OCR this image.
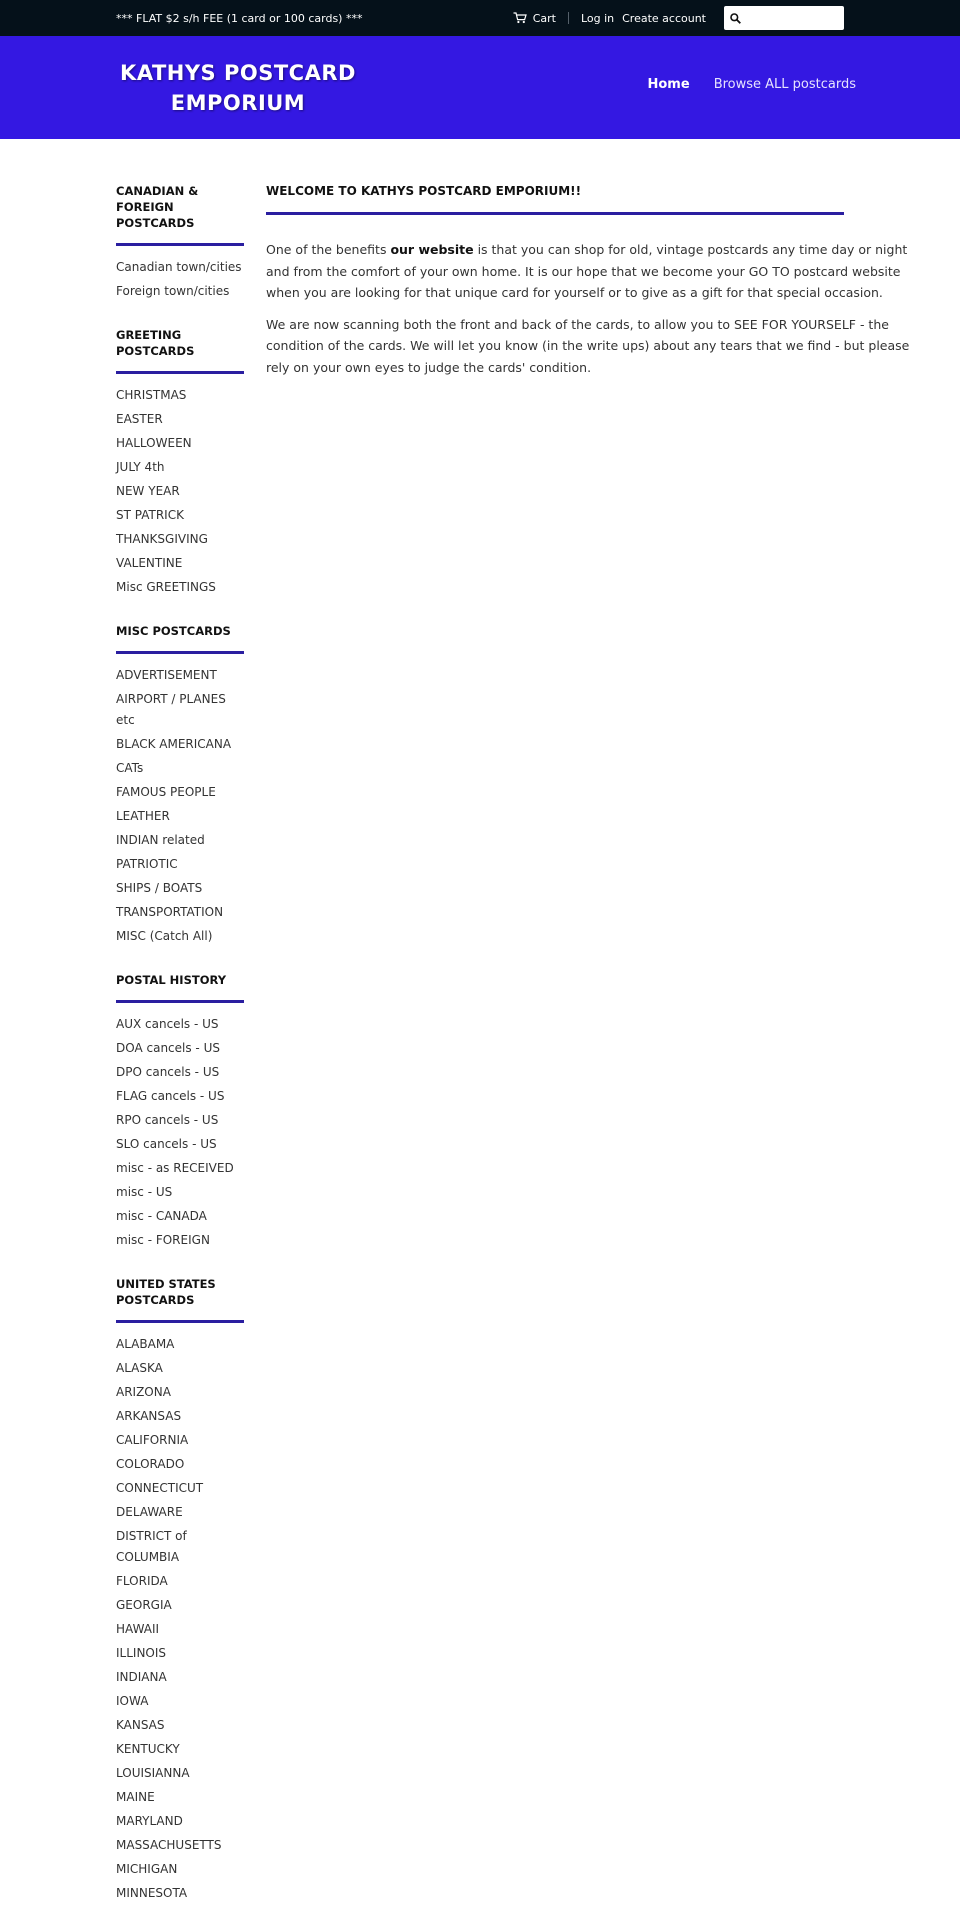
*** FLAT $2 s/h FEE (1 card or 100 cards) ***	Cart Log in Create account
KATHYS POSTCARD EMPORIUM
Home Browse ALL postcards
CANADIAN & FOREIGN POSTCARDS
Canadian town/cities
Foreign town/cities
GREETING POSTCARDS
CHRISTMAS
EASTER
HALLOWEEN
JULY 4th
NEW YEAR
ST PATRICK
THANKSGIVING
VALENTINE
Misc GREETINGS
MISC POSTCARDS
ADVERTISEMENT
AIRPORT / PLANES etc
BLACK AMERICANA
CATs
FAMOUS PEOPLE
LEATHER
INDIAN related
PATRIOTIC
SHIPS / BOATS
TRANSPORTATION
MISC (Catch All)
POSTAL HISTORY
AUX cancels - US
DOA cancels - US
DPO cancels - US
FLAG cancels - US
RPO cancels - US
SLO cancels - US
misc - as RECEIVED
misc - US
misc - CANADA
misc - FOREIGN
UNITED STATES POSTCARDS
ALABAMA
ALASKA
ARIZONA
ARKANSAS
CALIFORNIA
COLORADO
CONNECTICUT
DELAWARE
DISTRICT of COLUMBIA
FLORIDA
GEORGIA
HAWAII
ILLINOIS
INDIANA
IOWA
KANSAS
KENTUCKY
LOUISIANNA
MAINE
MARYLAND
MASSACHUSETTS
MICHIGAN
MINNESOTA
WELCOME TO KATHYS POSTCARD EMPORIUM!!

One of the benefits our website is that you can shop for old, vintage postcards any time day or night and from the comfort of your own home. It is our hope that we become your GO TO postcard website when you are looking for that unique card for yourself or to give as a gift for that special occasion.

We are now scanning both the front and back of the cards, to allow you to SEE FOR YOURSELF - the condition of the cards. We will let you know (in the write ups) about any tears that we find - but please rely on your own eyes to judge the cards' condition.
